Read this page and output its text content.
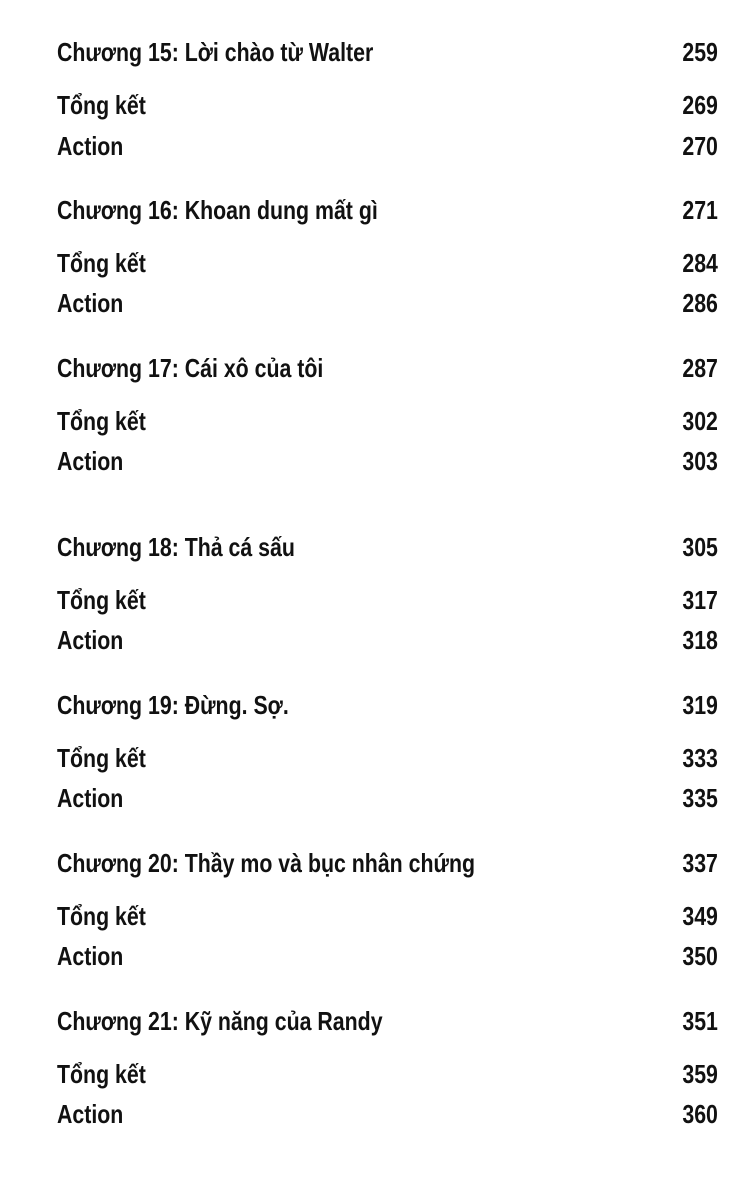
Chương 15: Lời chào từ Walter	259
Tổng kết	269
Action	270
Chương 16: Khoan dung mất gì	271
Tổng kết	284
Action	286
Chương 17: Cái xô của tôi	287
Tổng kết	302
Action	303
Chương 18: Thả cá sấu	305
Tổng kết	317
Action	318
Chương 19: Đừng. Sợ.	319
Tổng kết	333
Action	335
Chương 20: Thầy mo và bục nhân chứng	337
Tổng kết	349
Action	350
Chương 21: Kỹ năng của Randy	351
Tổng kết	359
Action	360
